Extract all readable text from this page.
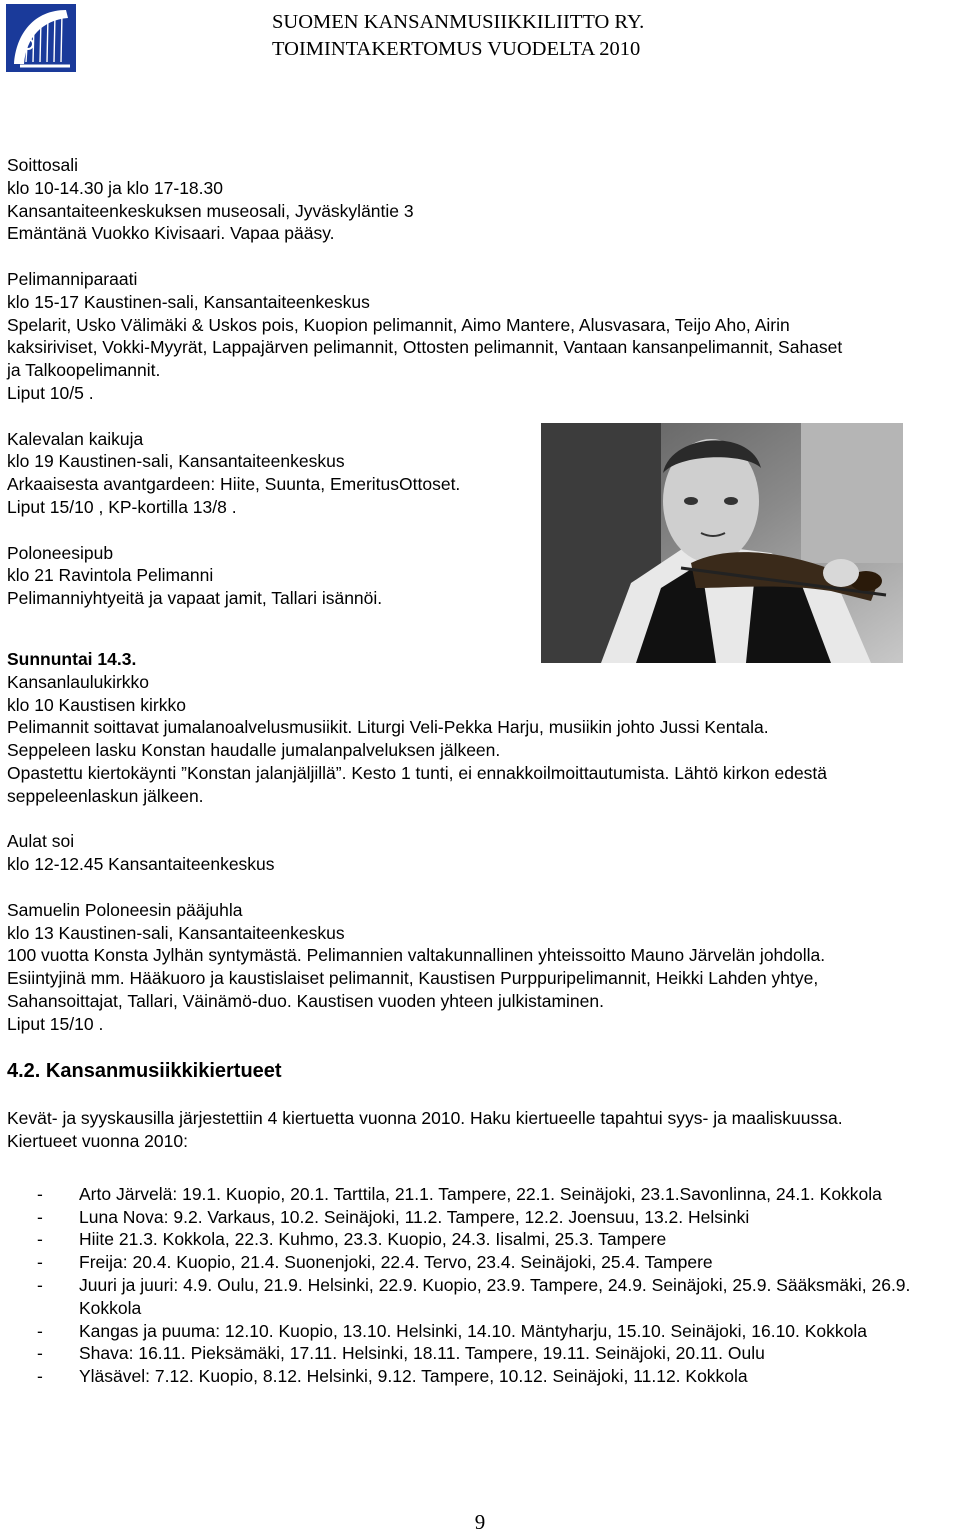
SUOMEN KANSANMUSIIKKILIITTO RY.
TOIMINTAKERTOMUS VUODELTA 2010
Soittosali
klo 10-14.30 ja klo 17-18.30
Kansantaiteenkeskuksen museosali, Jyväskyläntie 3
Emäntänä Vuokko Kivisaari. Vapaa pääsy.
Pelimanniparaati
klo 15-17 Kaustinen-sali, Kansantaiteenkeskus
Spelarit, Usko Välimäki & Uskos pois, Kuopion pelimannit, Aimo Mantere, Alusvasara, Teijo Aho, Airin
kaksiriviset, Vokki-Myyrät, Lappajärven pelimannit, Ottosten pelimannit, Vantaan kansanpelimannit, Sahaset
ja Talkoopelimannit.
Liput 10/5 .
Kalevalan kaikuja
klo 19 Kaustinen-sali, Kansantaiteenkeskus
Arkaaisesta avantgardeen: Hiite, Suunta, EmeritusOttoset.
Liput 15/10 , KP-kortilla 13/8 .
Poloneesipub
klo 21 Ravintola Pelimanni
Pelimanniyhtyeitä ja vapaat jamit, Tallari isännöi.
Sunnuntai 14.3.
Kansanlaulukirkko
klo 10 Kaustisen kirkko
Pelimannit soittavat jumalanoalvelusmusiikit. Liturgi Veli-Pekka Harju, musiikin johto Jussi Kentala.
Seppeleen lasku Konstan haudalle jumalanpalveluksen jälkeen.
Opastettu kiertokäynti ”Konstan jalanjäljillä”. Kesto 1 tunti, ei ennakkoilmoittautumista. Lähtö kirkon edestä
seppeleenlaskun jälkeen.
Aulat soi
klo 12-12.45 Kansantaiteenkeskus
Samuelin Poloneesin pääjuhla
klo 13 Kaustinen-sali, Kansantaiteenkeskus
100 vuotta Konsta Jylhän syntymästä. Pelimannien valtakunnallinen yhteissoitto Mauno Järvelän johdolla.
Esiintyjinä mm. Hääkuoro ja kaustislaiset pelimannit, Kaustisen Purppuripelimannit, Heikki Lahden yhtye,
Sahansoittajat, Tallari, Väinämö-duo. Kaustisen vuoden yhteen julkistaminen.
Liput 15/10 .
4.2. Kansanmusiikkikiertueet
Kevät- ja syyskausilla järjestettiin 4 kiertuetta vuonna 2010. Haku kiertueelle tapahtui syys- ja maaliskuussa.
Kiertueet vuonna 2010:
- Arto Järvelä: 19.1. Kuopio, 20.1. Tarttila, 21.1. Tampere, 22.1. Seinäjoki, 23.1.Savonlinna, 24.1. Kokkola
- Luna Nova: 9.2. Varkaus, 10.2. Seinäjoki, 11.2. Tampere, 12.2. Joensuu, 13.2. Helsinki
- Hiite 21.3. Kokkola, 22.3. Kuhmo, 23.3. Kuopio, 24.3. Iisalmi, 25.3. Tampere
- Freija: 20.4. Kuopio, 21.4. Suonenjoki, 22.4. Tervo, 23.4. Seinäjoki, 25.4. Tampere
- Juuri ja juuri: 4.9. Oulu, 21.9. Helsinki, 22.9. Kuopio, 23.9. Tampere, 24.9. Seinäjoki, 25.9. Sääksmäki, 26.9. Kokkola
- Kangas ja puuma: 12.10. Kuopio, 13.10. Helsinki, 14.10. Mäntyharju, 15.10. Seinäjoki, 16.10. Kokkola
- Shava: 16.11. Pieksämäki, 17.11. Helsinki, 18.11. Tampere, 19.11. Seinäjoki, 20.11. Oulu
- Yläsävel: 7.12. Kuopio, 8.12. Helsinki, 9.12. Tampere, 10.12. Seinäjoki, 11.12. Kokkola
9
